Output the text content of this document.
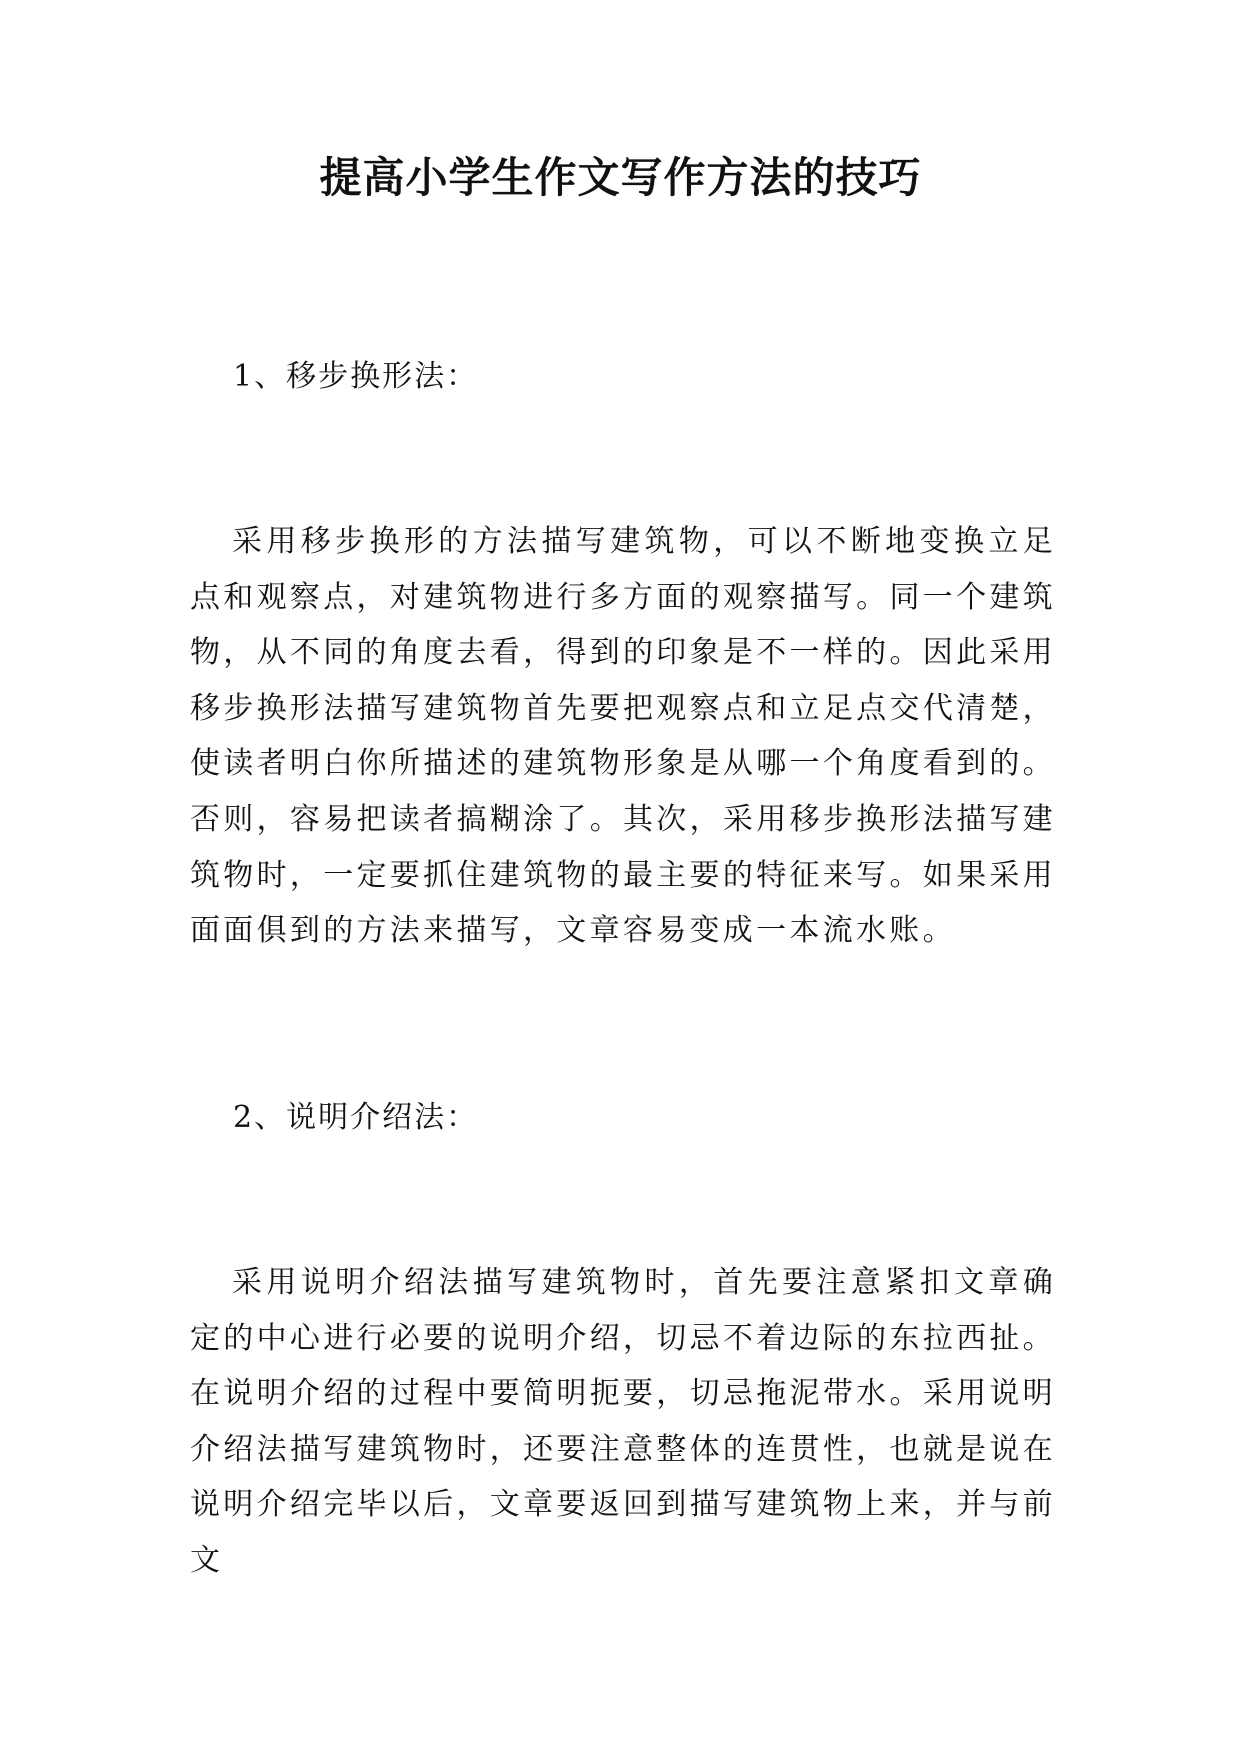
提高小学生作文写作方法的技巧

1、移步换形法：

采用移步换形的方法描写建筑物，可以不断地变换立足点和观察点，对建筑物进行多方面的观察描写。同一个建筑物，从不同的角度去看，得到的印象是不一样的。因此采用移步换形法描写建筑物首先要把观察点和立足点交代清楚，使读者明白你所描述的建筑物形象是从哪一个角度看到的。否则，容易把读者搞糊涂了。其次，采用移步换形法描写建筑物时，一定要抓住建筑物的最主要的特征来写。如果采用面面俱到的方法来描写，文章容易变成一本流水账。

2、说明介绍法：

采用说明介绍法描写建筑物时，首先要注意紧扣文章确定的中心进行必要的说明介绍，切忌不着边际的东拉西扯。在说明介绍的过程中要简明扼要，切忌拖泥带水。采用说明介绍法描写建筑物时，还要注意整体的连贯性，也就是说在说明介绍完毕以后，文章要返回到描写建筑物上来，并与前文
